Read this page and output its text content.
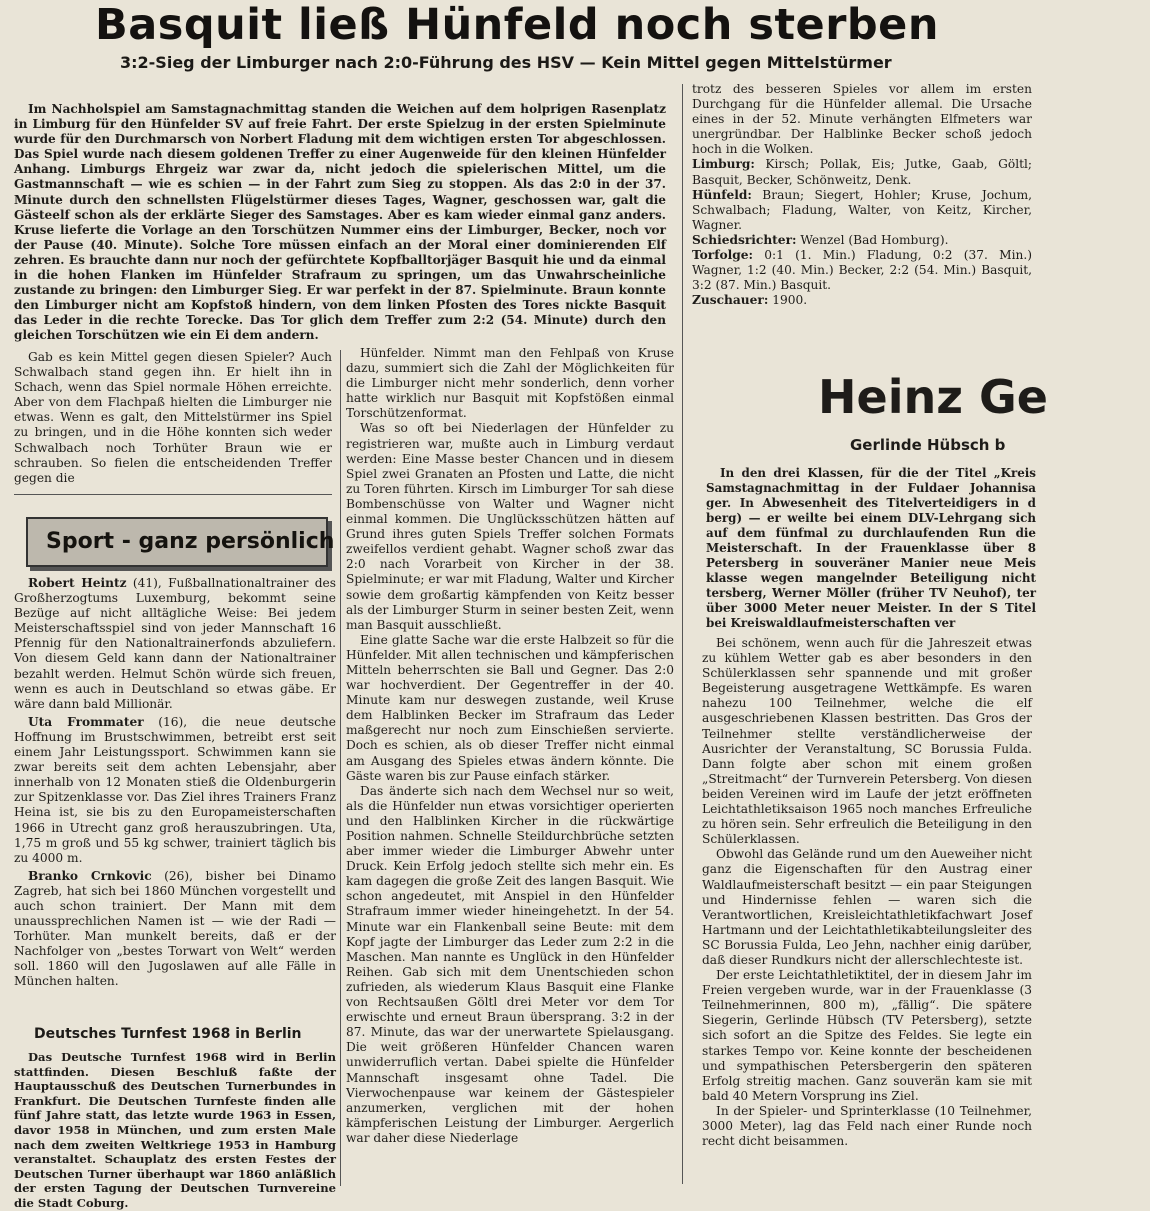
Basquit ließ Hünfeld noch sterben
3:2-Sieg der Limburger nach 2:0-Führung des HSV — Kein Mittel gegen Mittelstürmer

Im Nachholspiel am Samstagnachmittag standen die Weichen auf dem holprigen Rasenplatz in Limburg für den Hünfelder SV auf freie Fahrt. Der erste Spielzug in der ersten Spielminute wurde für den Durchmarsch von Norbert Fladung mit dem wichtigen ersten Tor abgeschlossen. Das Spiel wurde nach diesem goldenen Treffer zu einer Augenweide für den kleinen Hünfelder Anhang. Limburgs Ehrgeiz war zwar da, nicht jedoch die spielerischen Mittel, um die Gastmannschaft — wie es schien — in der Fahrt zum Sieg zu stoppen. Als das 2:0 in der 37. Minute durch den schnellsten Flügelstürmer dieses Tages, Wagner, geschossen war, galt die Gästeelf schon als der erklärte Sieger des Samstages. Aber es kam wieder einmal ganz anders. Kruse lieferte die Vorlage an den Torschützen Nummer eins der Limburger, Becker, noch vor der Pause (40. Minute). Solche Tore müssen einfach an der Moral einer dominierenden Elf zehren. Es brauchte dann nur noch der gefürchtete Kopfballtorjäger Basquit hie und da einmal in die hohen Flanken im Hünfelder Strafraum zu springen, um das Unwahrscheinliche zustande zu bringen: den Limburger Sieg. Er war perfekt in der 87. Spielminute. Braun konnte den Limburger nicht am Kopfstoß hindern, von dem linken Pfosten des Tores nickte Basquit das Leder in die rechte Torecke. Das Tor glich dem Treffer zum 2:2 (54. Minute) durch den gleichen Torschützen wie ein Ei dem andern.

Gab es kein Mittel gegen diesen Spieler? Auch Schwalbach stand gegen ihn. Er hielt ihn in Schach, wenn das Spiel normale Höhen erreichte. Aber von dem Flachpaß hielten die Limburger nie etwas. Wenn es galt, den Mittelstürmer ins Spiel zu bringen, und in die Höhe konnten sich weder Schwalbach noch Torhüter Braun wie er schrauben. So fielen die entscheidenden Treffer gegen die

Hünfelder. Nimmt man den Fehlpaß von Kruse dazu, summiert sich die Zahl der Möglichkeiten für die Limburger nicht mehr sonderlich, denn vorher hatte wirklich nur Basquit mit Kopfstößen einmal Torschützenformat.

Was so oft bei Niederlagen der Hünfelder zu registrieren war, mußte auch in Limburg verdaut werden: Eine Masse bester Chancen und in diesem Spiel zwei Granaten an Pfosten und Latte, die nicht zu Toren führten. Kirsch im Limburger Tor sah diese Bombenschüsse von Walter und Wagner nicht einmal kommen. Die Unglücksschützen hätten auf Grund ihres guten Spiels Treffer solchen Formats zweifellos verdient gehabt. Wagner schoß zwar das 2:0 nach Vorarbeit von Kircher in der 38. Spielminute; er war mit Fladung, Walter und Kircher sowie dem großartig kämpfenden von Keitz besser als der Limburger Sturm in seiner besten Zeit, wenn man Basquit ausschließt.

Eine glatte Sache war die erste Halbzeit so für die Hünfelder. Mit allen technischen und kämpferischen Mitteln beherrschten sie Ball und Gegner. Das 2:0 war hochverdient. Der Gegentreffer in der 40. Minute kam nur deswegen zustande, weil Kruse dem Halblinken Becker im Strafraum das Leder maßgerecht nur noch zum Einschießen servierte. Doch es schien, als ob dieser Treffer nicht einmal am Ausgang des Spieles etwas ändern könnte. Die Gäste waren bis zur Pause einfach stärker.

Das änderte sich nach dem Wechsel nur so weit, als die Hünfelder nun etwas vorsichtiger operierten und den Halblinken Kircher in die rückwärtige Position nahmen. Schnelle Steildurchbrüche setzten aber immer wieder die Limburger Abwehr unter Druck. Kein Erfolg jedoch stellte sich mehr ein. Es kam dagegen die große Zeit des langen Basquit. Wie schon angedeutet, mit Anspiel in den Hünfelder Strafraum immer wieder hineingehetzt. In der 54. Minute war ein Flankenball seine Beute: mit dem Kopf jagte der Limburger das Leder zum 2:2 in die Maschen. Man nannte es Unglück in den Hünfelder Reihen. Gab sich mit dem Unentschieden schon zufrieden, als wiederum Klaus Basquit eine Flanke von Rechtsaußen Göltl drei Meter vor dem Tor erwischte und erneut Braun übersprang. 3:2 in der 87. Minute, das war der unerwartete Spielausgang. Die weit größeren Hünfelder Chancen waren unwiderruflich vertan. Dabei spielte die Hünfelder Mannschaft insgesamt ohne Tadel. Die Vierwochenpause war keinem der Gästespieler anzumerken, verglichen mit der hohen kämpferischen Leistung der Limburger. Aergerlich war daher diese Niederlage

trotz des besseren Spieles vor allem im ersten Durchgang für die Hünfelder allemal. Die Ursache eines in der 52. Minute verhängten Elfmeters war unergründbar. Der Halblinke Becker schoß jedoch hoch in die Wolken.

Limburg: Kirsch; Pollak, Eis; Jutke, Gaab, Göltl; Basquit, Becker, Schönweitz, Denk.

Hünfeld: Braun; Siegert, Hohler; Kruse, Jochum, Schwalbach; Fladung, Walter, von Keitz, Kircher, Wagner.

Schiedsrichter: Wenzel (Bad Homburg).

Torfolge: 0:1 (1. Min.) Fladung, 0:2 (37. Min.) Wagner, 1:2 (40. Min.) Becker, 2:2 (54. Min.) Basquit, 3:2 (87. Min.) Basquit.

Zuschauer: 1900.

Sport - ganz persönlich

Robert Heintz (41), Fußballnationaltrainer des Großherzogtums Luxemburg, bekommt seine Bezüge auf nicht alltägliche Weise: Bei jedem Meisterschaftsspiel sind von jeder Mannschaft 16 Pfennig für den Nationaltrainerfonds abzuliefern. Von diesem Geld kann dann der Nationaltrainer bezahlt werden. Helmut Schön würde sich freuen, wenn es auch in Deutschland so etwas gäbe. Er wäre dann bald Millionär.

Uta Frommater (16), die neue deutsche Hoffnung im Brustschwimmen, betreibt erst seit einem Jahr Leistungssport. Schwimmen kann sie zwar bereits seit dem achten Lebensjahr, aber innerhalb von 12 Monaten stieß die Oldenburgerin zur Spitzenklasse vor. Das Ziel ihres Trainers Franz Heina ist, sie bis zu den Europameisterschaften 1966 in Utrecht ganz groß herauszubringen. Uta, 1,75 m groß und 55 kg schwer, trainiert täglich bis zu 4000 m.

Branko Crnkovic (26), bisher bei Dinamo Zagreb, hat sich bei 1860 München vorgestellt und auch schon trainiert. Der Mann mit dem unaussprechlichen Namen ist — wie der Radi — Torhüter. Man munkelt bereits, daß er der Nachfolger von „bestes Torwart von Welt“ werden soll. 1860 will den Jugoslawen auf alle Fälle in München halten.

Deutsches Turnfest 1968 in Berlin

Das Deutsche Turnfest 1968 wird in Berlin stattfinden. Diesen Beschluß faßte der Hauptausschuß des Deutschen Turnerbundes in Frankfurt. Die Deutschen Turnfeste finden alle fünf Jahre statt, das letzte wurde 1963 in Essen, davor 1958 in München, und zum ersten Male nach dem zweiten Weltkriege 1953 in Hamburg veranstaltet. Schauplatz des ersten Festes der Deutschen Turner überhaupt war 1860 anläßlich der ersten Tagung der Deutschen Turnvereine die Stadt Coburg.

Heinz Ge
Gerlinde Hübsch b

In den drei Klassen, für die der Titel „Kreis Samstagnachmittag in der Fuldaer Johannisa ger. In Abwesenheit des Titelverteidigers in d berg) — er weilte bei einem DLV-Lehrgang sich auf dem fünfmal zu durchlaufenden Run die Meisterschaft. In der Frauenklasse über 8 Petersberg in souveräner Manier neue Meis klasse wegen mangelnder Beteiligung nicht tersberg, Werner Möller (früher TV Neuhof), ter über 3000 Meter neuer Meister. In der S Titel bei Kreiswaldlaufmeisterschaften ver

Bei schönem, wenn auch für die Jahreszeit etwas zu kühlem Wetter gab es aber besonders in den Schülerklassen sehr spannende und mit großer Begeisterung ausgetragene Wettkämpfe. Es waren nahezu 100 Teilnehmer, welche die elf ausgeschriebenen Klassen bestritten. Das Gros der Teilnehmer stellte verständlicherweise der Ausrichter der Veranstaltung, SC Borussia Fulda. Dann folgte aber schon mit einem großen „Streitmacht“ der Turnverein Petersberg. Von diesen beiden Vereinen wird im Laufe der jetzt eröffneten Leichtathletiksaison 1965 noch manches Erfreuliche zu hören sein. Sehr erfreulich die Beteiligung in den Schülerklassen.

Obwohl das Gelände rund um den Aueweiher nicht ganz die Eigenschaften für den Austrag einer Waldlaufmeisterschaft besitzt — ein paar Steigungen und Hindernisse fehlen — waren sich die Verantwortlichen, Kreisleichtathletikfachwart Josef Hartmann und der Leichtathletikabteilungsleiter des SC Borussia Fulda, Leo Jehn, nachher einig darüber, daß dieser Rundkurs nicht der allerschlechteste ist.

Der erste Leichtathletiktitel, der in diesem Jahr im Freien vergeben wurde, war in der Frauenklasse (3 Teilnehmerinnen, 800 m), „fällig“. Die spätere Siegerin, Gerlinde Hübsch (TV Petersberg), setzte sich sofort an die Spitze des Feldes. Sie legte ein starkes Tempo vor. Keine konnte der bescheidenen und sympathischen Petersbergerin den späteren Erfolg streitig machen. Ganz souverän kam sie mit bald 40 Metern Vorsprung ins Ziel.

In der Spieler- und Sprinterklasse (10 Teilnehmer, 3000 Meter), lag das Feld nach einer Runde noch recht dicht beisammen.
